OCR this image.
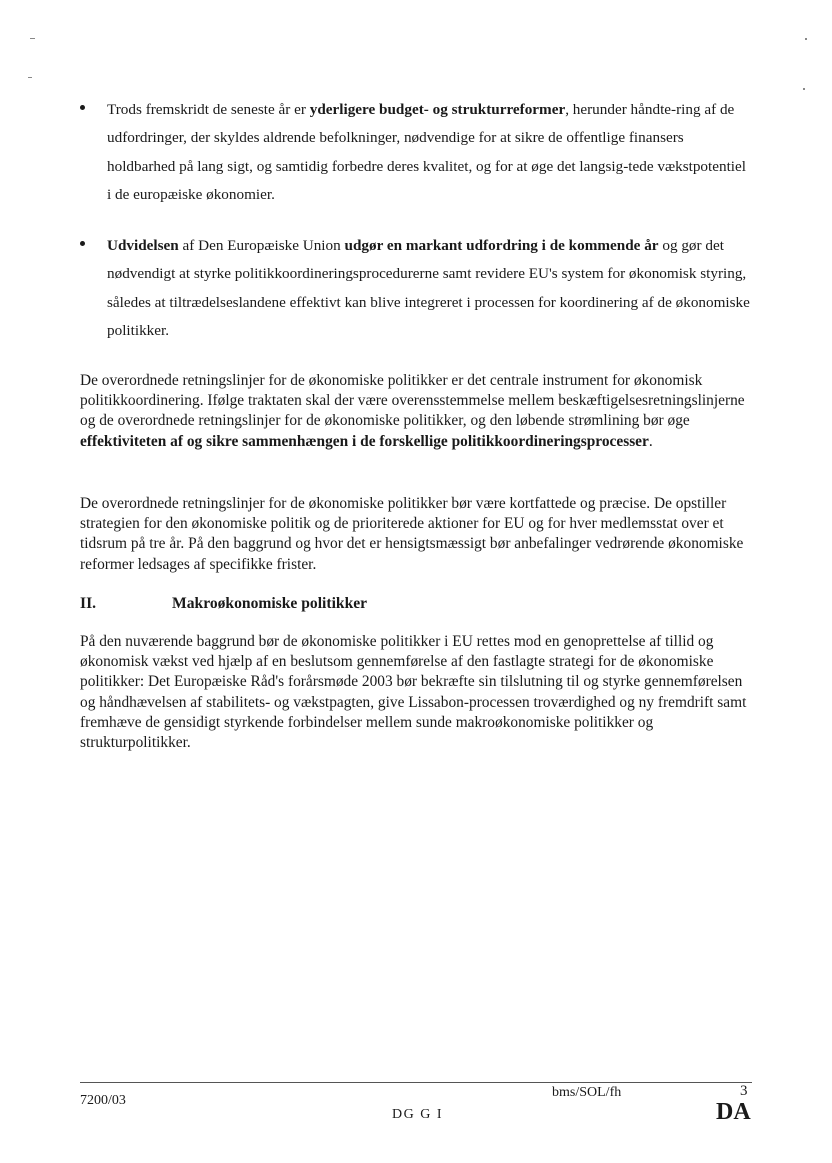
Trods fremskridt de seneste år er yderligere budget- og strukturreformer, herunder håndte-ring af de udfordringer, der skyldes aldrende befolkninger, nødvendige for at sikre de offentlige finansers holdbarhed på lang sigt, og samtidig forbedre deres kvalitet, og for at øge det langsig-tede vækstpotentiel i de europæiske økonomier.
Udvidelsen af Den Europæiske Union udgør en markant udfordring i de kommende år og gør det nødvendigt at styrke politikkoordineringsprocedurerne samt revidere EU's system for økonomisk styring, således at tiltrædelseslandene effektivt kan blive integreret i processen for koordinering af de økonomiske politikker.
De overordnede retningslinjer for de økonomiske politikker er det centrale instrument for økonomisk politikkoordinering. Ifølge traktaten skal der være overensstemmelse mellem beskæftigelsesretningslinjerne og de overordnede retningslinjer for de økonomiske politikker, og den løbende strømlining bør øge effektiviteten af og sikre sammenhængen i de forskellige politikkoordineringsprocesser.
De overordnede retningslinjer for de økonomiske politikker bør være kortfattede og præcise. De opstiller strategien for den økonomiske politik og de prioriterede aktioner for EU og for hver medlemsstat over et tidsrum på tre år. På den baggrund og hvor det er hensigtsmæssigt bør anbefalinger vedrørende økonomiske reformer ledsages af specifikke frister.
II.	Makroøkonomiske politikker
På den nuværende baggrund bør de økonomiske politikker i EU rettes mod en genoprettelse af tillid og økonomisk vækst ved hjælp af en beslutsom gennemførelse af den fastlagte strategi for de økonomiske politikker: Det Europæiske Råd's forårsmøde 2003 bør bekræfte sin tilslutning til og styrke gennemførelsen og håndhævelsen af stabilitets- og vækstpagten, give Lissabon-processen troværdighed og ny fremdrift samt fremhæve de gensidigt styrkende forbindelser mellem sunde makroøkonomiske politikker og strukturpolitikker.
7200/03
bms/SOL/fh	3
DG G I	DA
